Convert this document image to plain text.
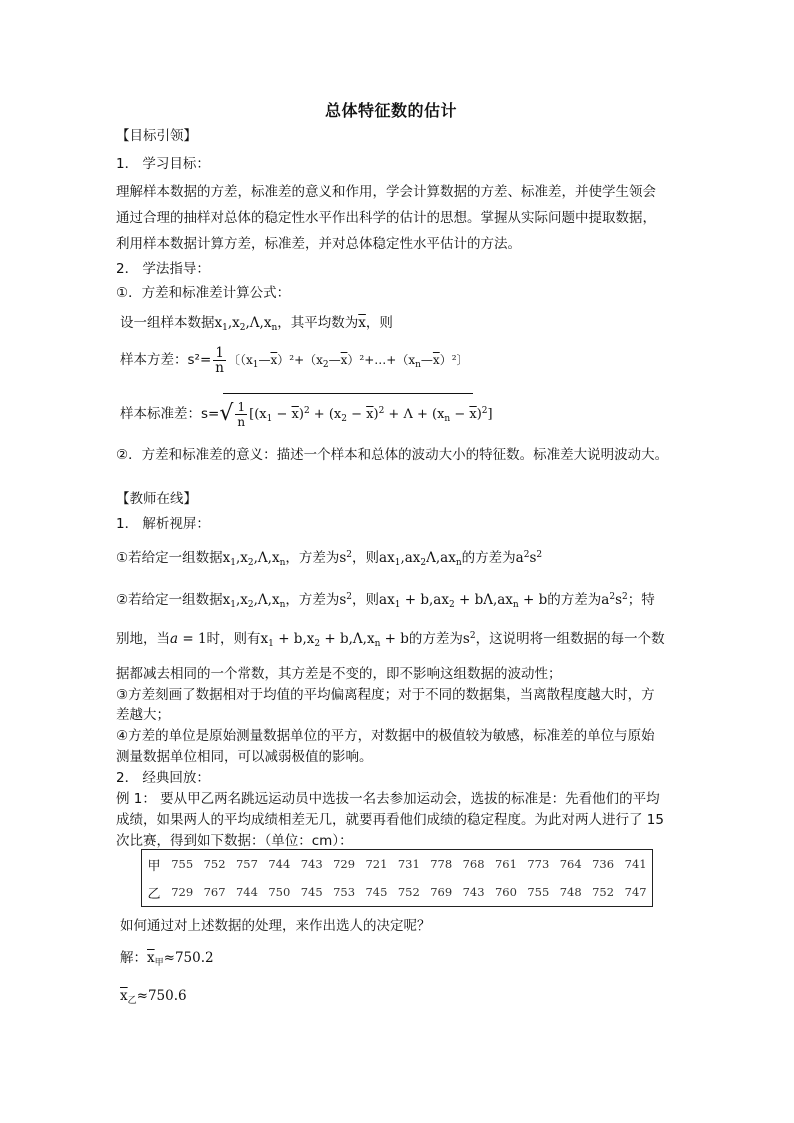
总体特征数的估计
【目标引领】
1． 学习目标：
理解样本数据的方差，标准差的意义和作用，学会计算数据的方差、标准差，并使学生领会
通过合理的抽样对总体的稳定性水平作出科学的估计的思想。掌握从实际问题中提取数据，
利用样本数据计算方差，标准差，并对总体稳定性水平估计的方法。
2． 学法指导：
①．方差和标准差计算公式：
设一组样本数据$x_1,x_2,\Lambda,x_n$，其平均数为$\overline{x}$，则
样本方差：$s^2= \frac{1}{n}$ 〔$(x_1—\overline{x})^2+(x_2—\overline{x})^2+\dots+(x_n—\overline{x})^2$〕
样本标准差：$s=√ \frac{1}{n} [(x_1 - \overline{x})^2 + (x_2 - \overline{x})^2 + \Lambda + (x_n - \overline{x})^2]$
②．方差和标准差的意义：描述一个样本和总体的波动大小的特征数。标准差大说明波动大。
【教师在线】
1． 解析视屏：
①若给定一组数据$x_1,x_2,\Lambda,x_n$，方差为$s^2$，则$ax_1,ax_2\Lambda,ax_n$的方差为$a^2s^2$
②若给定一组数据$x_1,x_2,\Lambda,x_n$，方差为$s^2$，则$ax_1 + b,ax_2 + b\Lambda,ax_n + b$的方差为$a^2s^2$；特
别地，当a = 1时，则有$x_1 + b,x_2 + b,\Lambda,x_n + b$的方差为$s^2$，这说明将一组数据的每一个数
据都减去相同的一个常数，其方差是不变的，即不影响这组数据的波动性；
③方差刻画了数据相对于均值的平均偏离程度；对于不同的数据集，当离散程度越大时，方
差越大；
④方差的单位是原始测量数据单位的平方，对数据中的极值较为敏感，标准差的单位与原始
测量数据单位相同，可以减弱极值的影响。
2． 经典回放：
例 1： 要从甲乙两名跳远运动员中选拔一名去参加运动会，选拔的标准是：先看他们的平均
成绩，如果两人的平均成绩相差无几，就要再看他们成绩的稳定程度。为此对两人进行了 15
次比赛，得到如下数据：（单位：cm）：
甲	755	752	757	744	743	729	721	731	778	768	761	773	764	736	741
乙	729	767	744	750	745	753	745	752	769	743	760	755	748	752	747
如何通过对上述数据的处理，来作出选人的决定呢？
解：$\overline{x}_甲\approx 750.2$
$\overline{x}_乙\approx 750.6$
